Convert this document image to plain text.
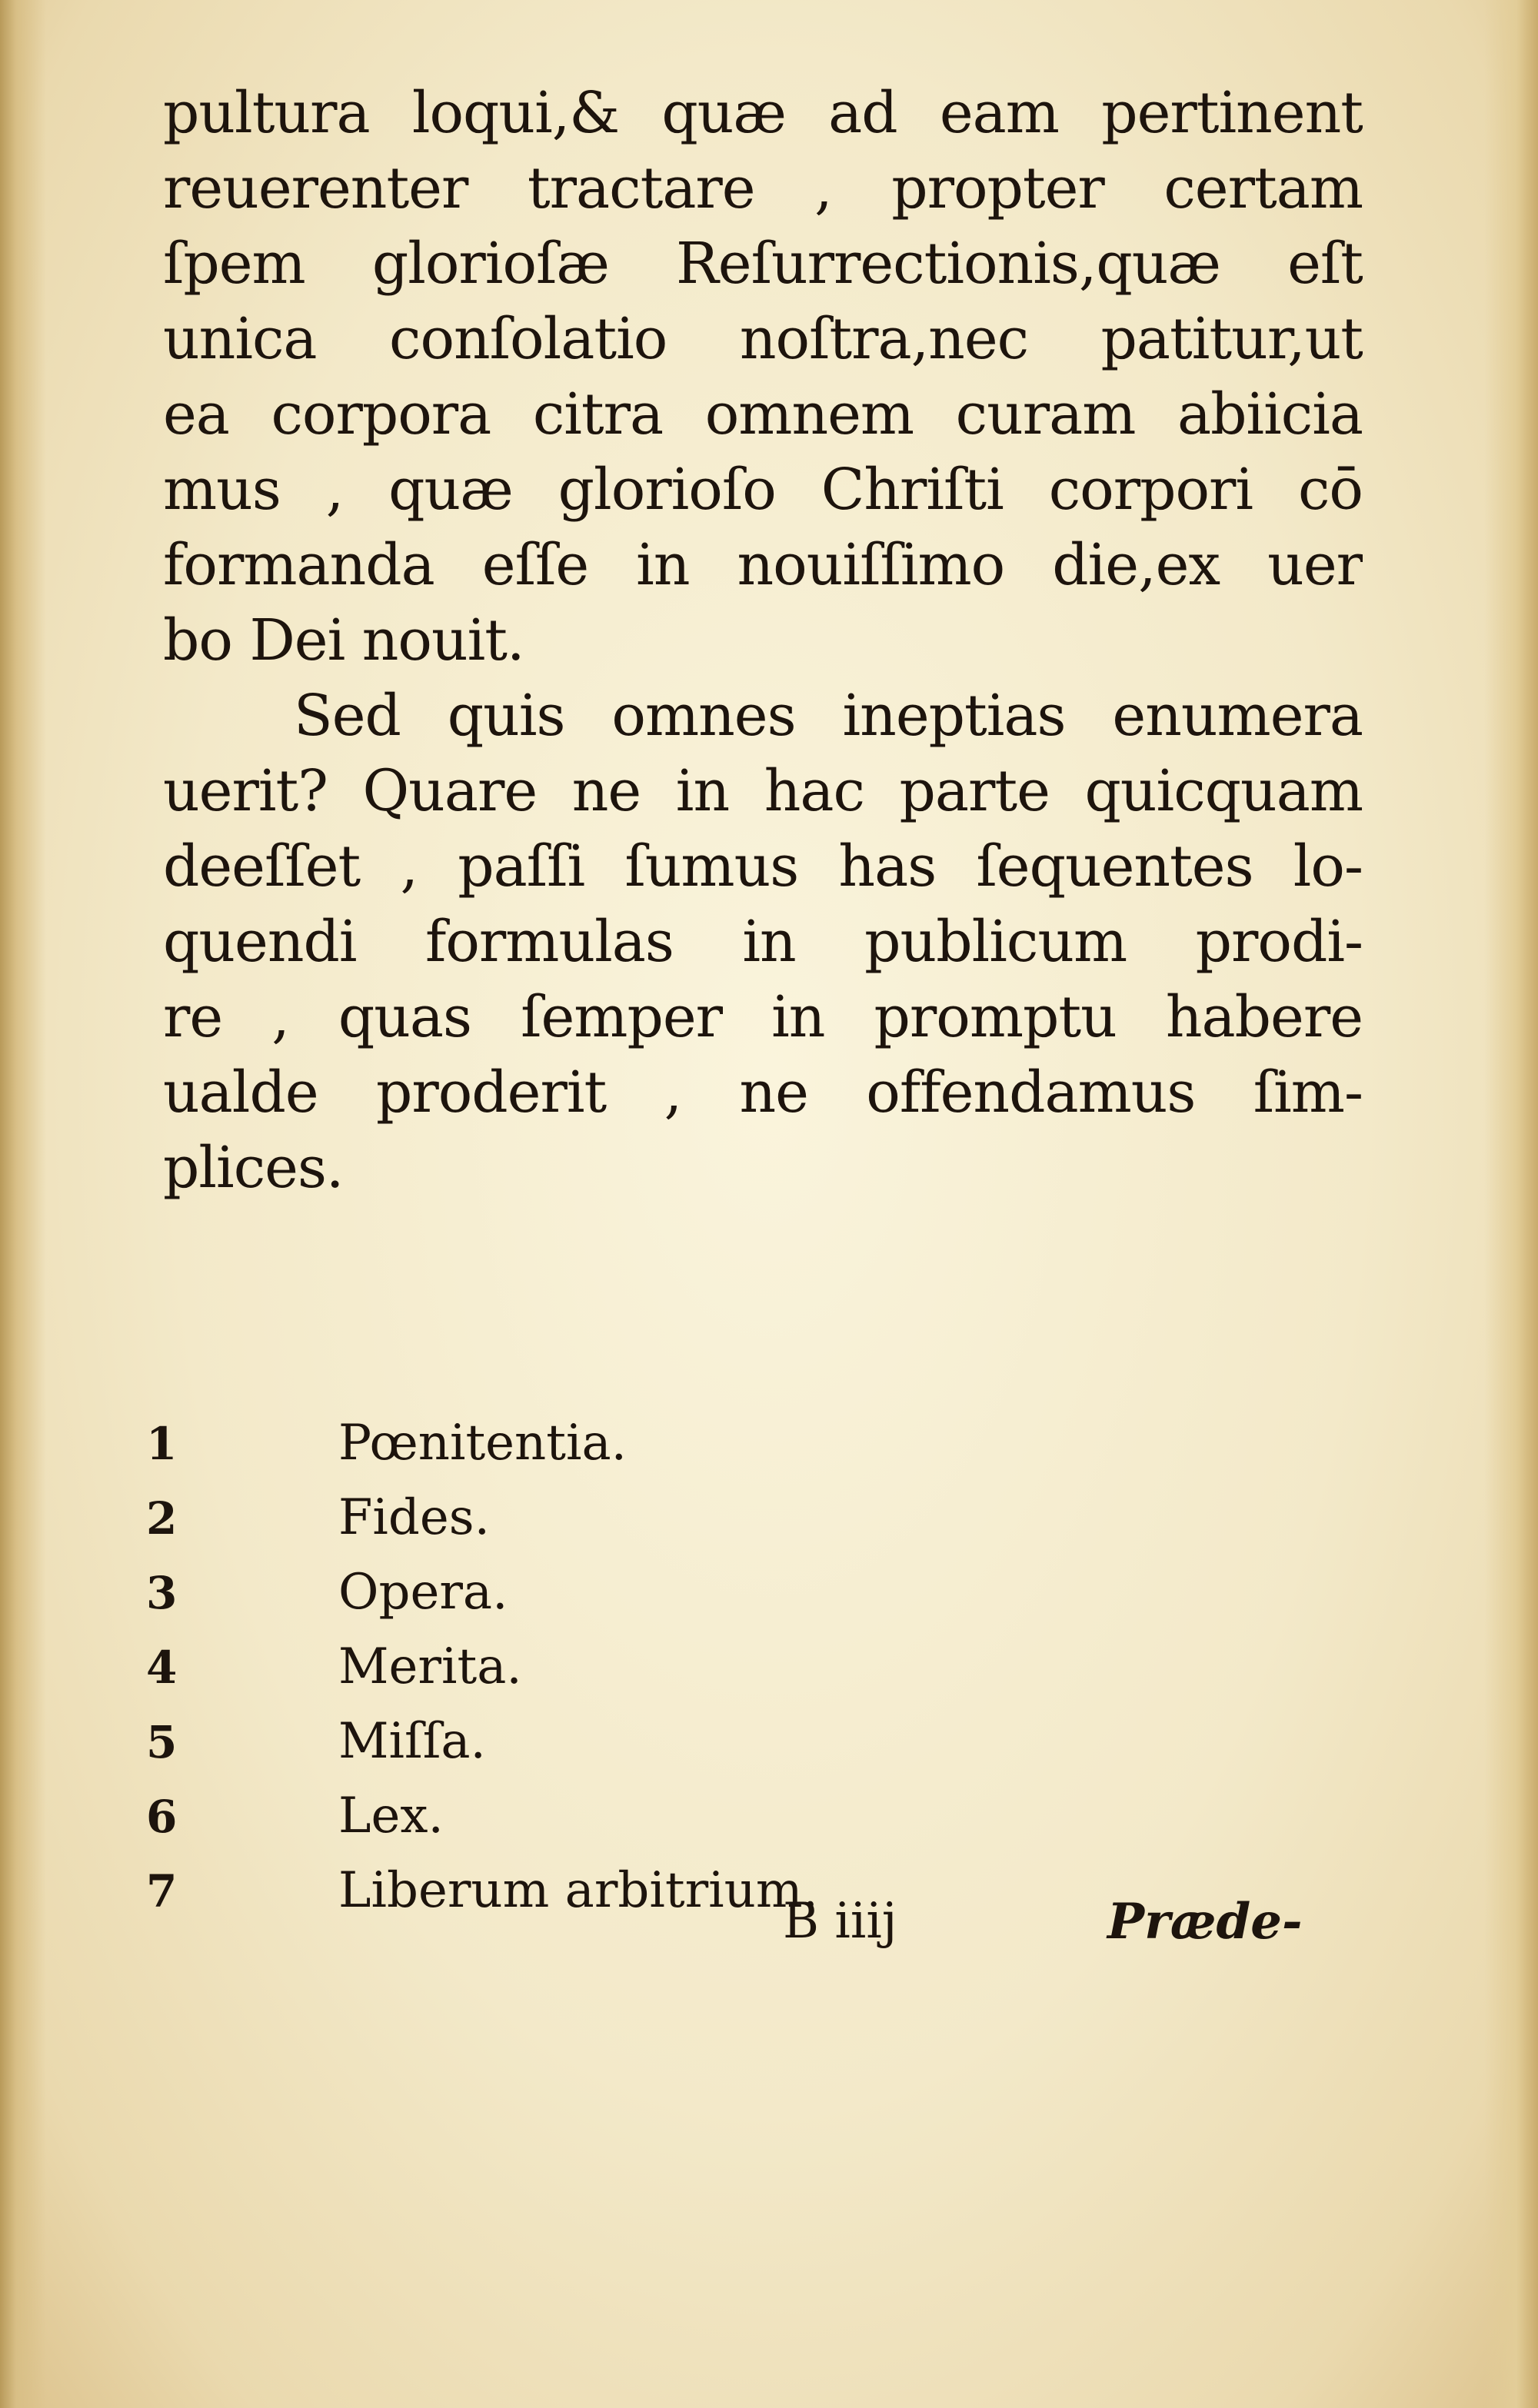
pultura loqui,& quæ ad eam pertinent
reuerenter tractare , propter certam
ſpem glorioſæ Reſurrectionis,quæ eſt
unica conſolatio noſtra,nec patitur,ut
ea corpora citra omnem curam abiicia
mus , quæ glorioſo Chriſti corpori cō
formanda eſſe in nouiſſimo die,ex uer
bo Dei nouit.
Sed quis omnes ineptias enumera
uerit? Quare ne in hac parte quicquam
deeſſet , paſſi ſumus has ſequentes lo-
quendi formulas in publicum prodi-
re , quas ſemper in promptu habere
ualde proderit , ne offendamus ſim-
plices.
1	Pœnitentia.
2	Fides.
3	Opera.
4	Merita.
5	Miſſa.
6	Lex.
7	Liberum arbitrium.
B iiij	Præde-
